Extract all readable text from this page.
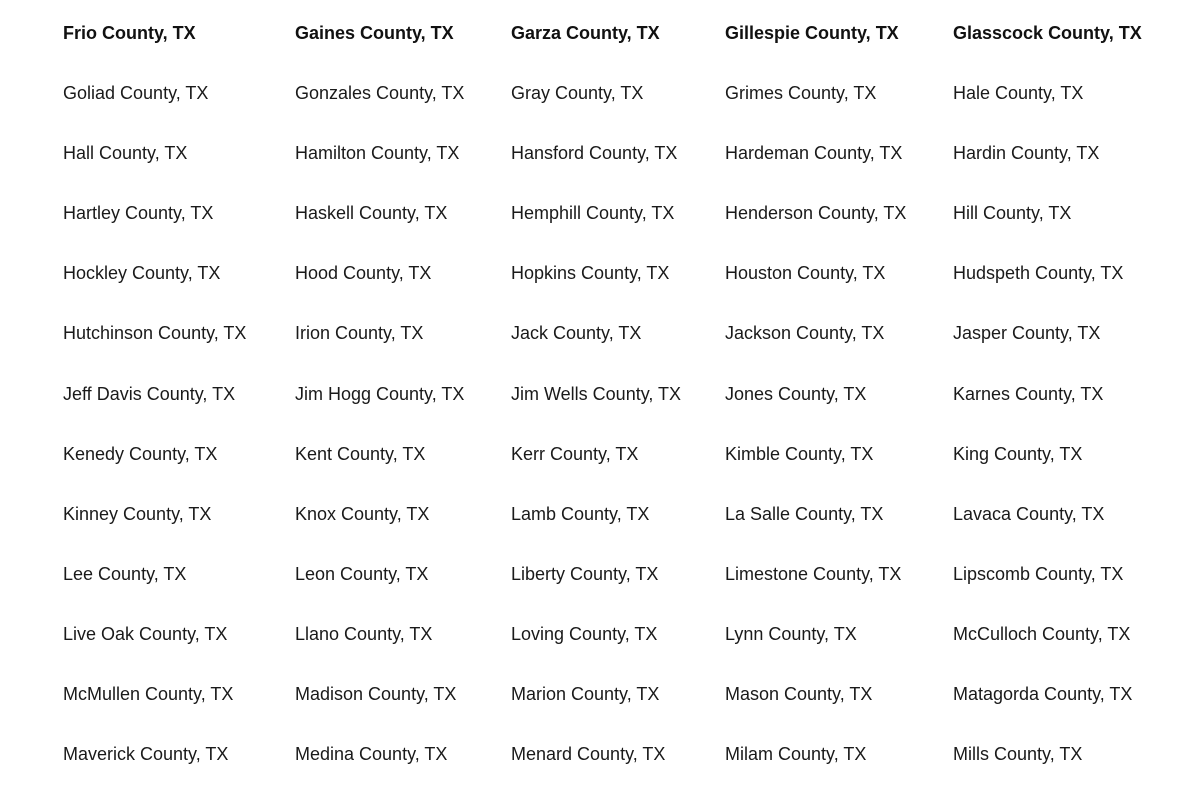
Frio County, TX	Gaines County, TX	Garza County, TX	Gillespie County, TX	Glasscock County, TX
Goliad County, TX	Gonzales County, TX	Gray County, TX	Grimes County, TX	Hale County, TX
Hall County, TX	Hamilton County, TX	Hansford County, TX	Hardeman County, TX	Hardin County, TX
Hartley County, TX	Haskell County, TX	Hemphill County, TX	Henderson County, TX	Hill County, TX
Hockley County, TX	Hood County, TX	Hopkins County, TX	Houston County, TX	Hudspeth County, TX
Hutchinson County, TX	Irion County, TX	Jack County, TX	Jackson County, TX	Jasper County, TX
Jeff Davis County, TX	Jim Hogg County, TX	Jim Wells County, TX Jones County, TX	Karnes County, TX
Kenedy County, TX	Kent County, TX	Kerr County, TX	Kimble County, TX	King County, TX
Kinney County, TX	Knox County, TX	Lamb County, TX	La Salle County, TX	Lavaca County, TX
Lee County, TX	Leon County, TX	Liberty County, TX	Limestone County, TX	Lipscomb County, TX
Live Oak County, TX	Llano County, TX	Loving County, TX	Lynn County, TX	McCulloch County, TX
McMullen County, TX	Madison County, TX	Marion County, TX	Mason County, TX	Matagorda County, TX
Maverick County, TX	Medina County, TX	Menard County, TX	Milam County, TX	Mills County, TX
